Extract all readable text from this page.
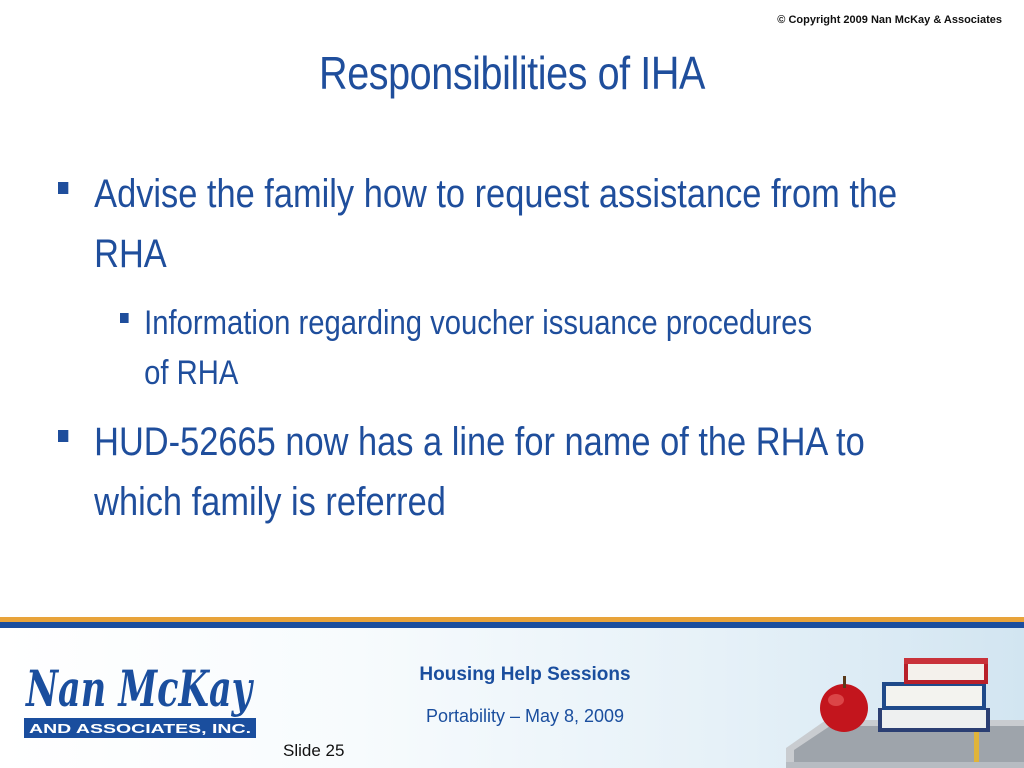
© Copyright 2009 Nan McKay & Associates
Responsibilities of IHA
Advise the family how to request assistance from the RHA
Information regarding voucher issuance procedures of RHA
HUD-52665 now has a line for name of the RHA to which family is referred
Nan McKay
AND ASSOCIATES, INC.
Housing Help Sessions
Portability – May 8, 2009
Slide 25
